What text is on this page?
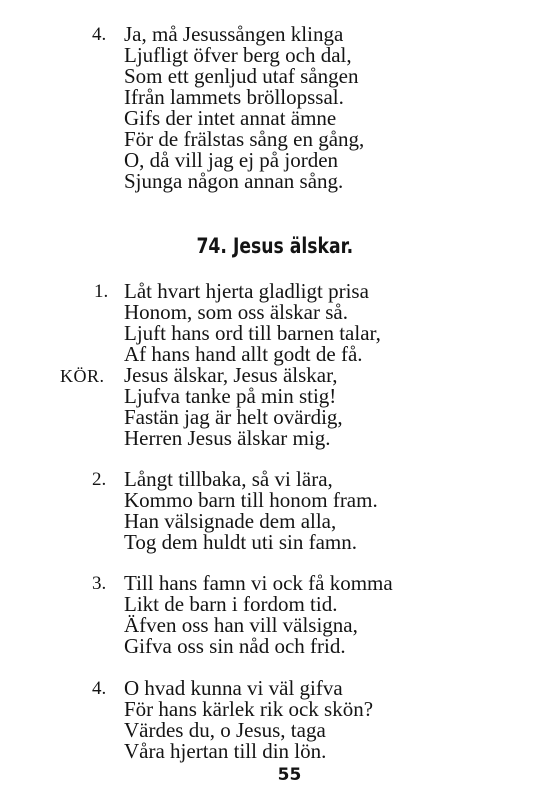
4. Ja, må Jesussången klinga
Ljufligt öfver berg och dal,
Som ett genljud utaf sången
Ifrån lammets bröllopssal.
Gifs der intet annat ämne
För de frälstas sång en gång,
O, då vill jag ej på jorden
Sjunga någon annan sång.
74. Jesus älskar.
1. Låt hvart hjerta gladligt prisa
Honom, som oss älskar så.
Ljuft hans ord till barnen talar,
Af hans hand allt godt de få.
KÖR. Jesus älskar, Jesus älskar,
Ljufva tanke på min stig!
Fastän jag är helt ovärdig,
Herren Jesus älskar mig.
2. Långt tillbaka, så vi lära,
Kommo barn till honom fram.
Han välsignade dem alla,
Tog dem huldt uti sin famn.
3. Till hans famn vi ock få komma
Likt de barn i fordom tid.
Äfven oss han vill välsigna,
Gifva oss sin nåd och frid.
4. O hvad kunna vi väl gifva
För hans kärlek rik ock skön?
Värdes du, o Jesus, taga
Våra hjertan till din lön.
55
